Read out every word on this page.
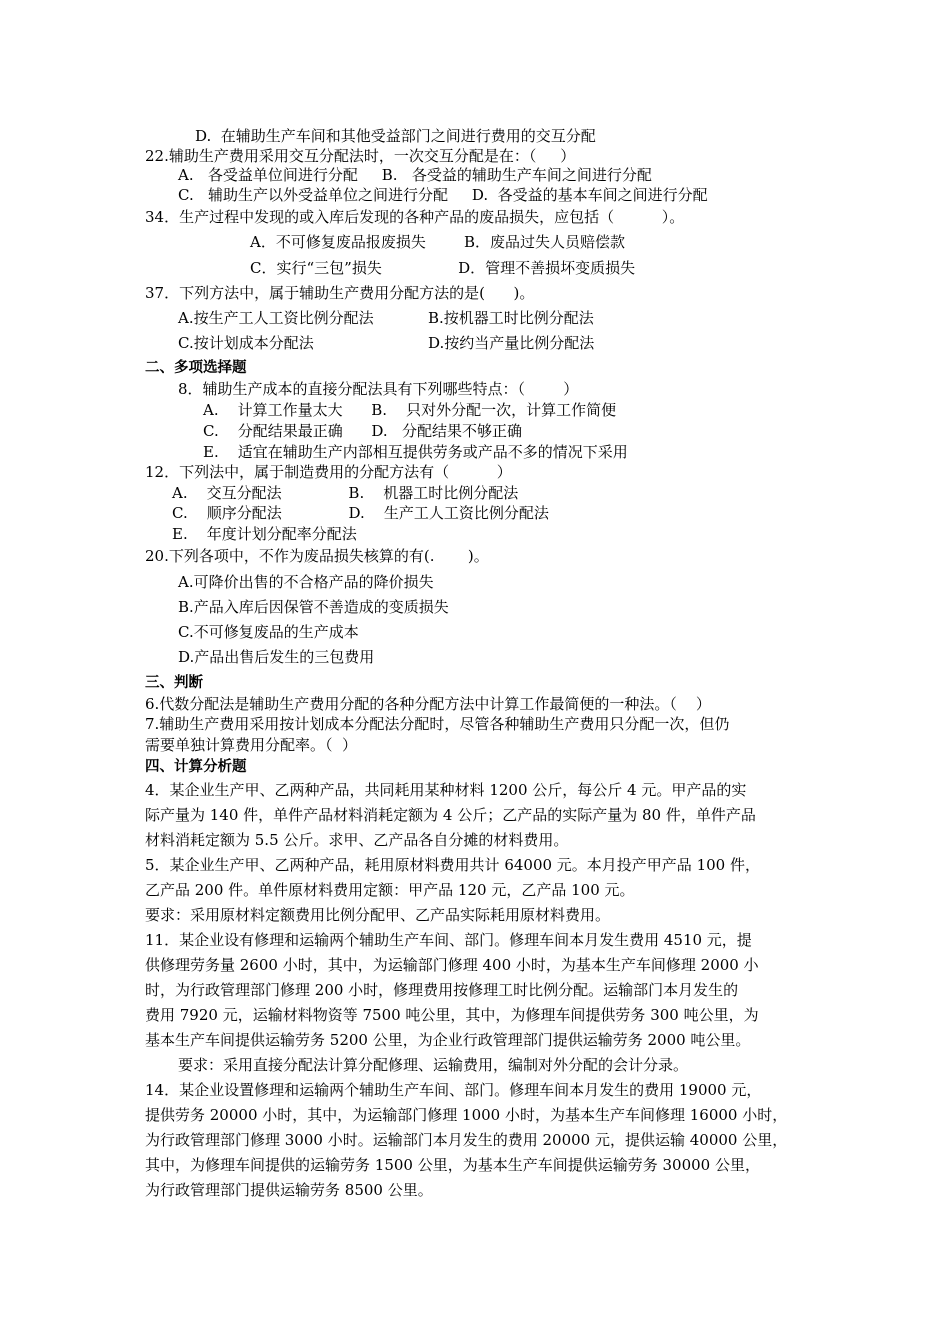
D.  在辅助生产车间和其他受益部门之间进行费用的交互分配
22.辅助生产费用采用交互分配法时，一次交互分配是在：（     ）
A.   各受益单位间进行分配     B.   各受益的辅助生产车间之间进行分配
C.   辅助生产以外受益单位之间进行分配     D.  各受益的基本车间之间进行分配
34．生产过程中发现的或入库后发现的各种产品的废品损失，应包括（          ）。
A．不可修复废品报废损失        B．废品过失人员赔偿款
C．实行“三包”损失                D．管理不善损坏变质损失
37．下列方法中，属于辅助生产费用分配方法的是(      )。
A.按生产工人工资比例分配法	B.按机器工时比例分配法
C.按计划成本分配法	D.按约当产量比例分配法
二、多项选择题
8．辅助生产成本的直接分配法具有下列哪些特点：（        ）
A.    计算工作量太大      B.    只对外分配一次，计算工作简便
C.    分配结果最正确      D.   分配结果不够正确
E.    适宜在辅助生产内部相互提供劳务或产品不多的情况下采用
12．下列法中，属于制造费用的分配方法有（          ）
A.    交互分配法              B.    机器工时比例分配法
C.    顺序分配法              D.    生产工人工资比例分配法
E.    年度计划分配率分配法
20.下列各项中，不作为废品损失核算的有(.       )。
A.可降价出售的不合格产品的降价损失
B.产品入库后因保管不善造成的变质损失
C.不可修复废品的生产成本
D.产品出售后发生的三包费用
三、判断
6.代数分配法是辅助生产费用分配的各种分配方法中计算工作最简便的一种法。（    ）
7.辅助生产费用采用按计划成本分配法分配时，尽管各种辅助生产费用只分配一次，但仍
需要单独计算费用分配率。（  ）
四、计算分析题
4．某企业生产甲、乙两种产品，共同耗用某种材料 1200 公斤，每公斤 4 元。甲产品的实
际产量为 140 件，单件产品材料消耗定额为 4 公斤；乙产品的实际产量为 80 件，单件产品
材料消耗定额为 5.5 公斤。求甲、乙产品各自分摊的材料费用。
5．某企业生产甲、乙两种产品，耗用原材料费用共计 64000 元。本月投产甲产品 100 件，
乙产品 200 件。单件原材料费用定额：甲产品 120 元，乙产品 100 元。
要求：采用原材料定额费用比例分配甲、乙产品实际耗用原材料费用。
11．某企业设有修理和运输两个辅助生产车间、部门。修理车间本月发生费用 4510 元，提
供修理劳务量 2600 小时，其中，为运输部门修理 400 小时，为基本生产车间修理 2000 小
时，为行政管理部门修理 200 小时，修理费用按修理工时比例分配。运输部门本月发生的
费用 7920 元，运输材料物资等 7500 吨公里，其中，为修理车间提供劳务 300 吨公里，为
基本生产车间提供运输劳务 5200 公里，为企业行政管理部门提供运输劳务 2000 吨公里。
要求：采用直接分配法计算分配修理、运输费用，编制对外分配的会计分录。
14．某企业设置修理和运输两个辅助生产车间、部门。修理车间本月发生的费用 19000 元，
提供劳务 20000 小时，其中，为运输部门修理 1000 小时，为基本生产车间修理 16000 小时，
为行政管理部门修理 3000 小时。运输部门本月发生的费用 20000 元，提供运输 40000 公里，
其中，为修理车间提供的运输劳务 1500 公里，为基本生产车间提供运输劳务 30000 公里，
为行政管理部门提供运输劳务 8500 公里。
